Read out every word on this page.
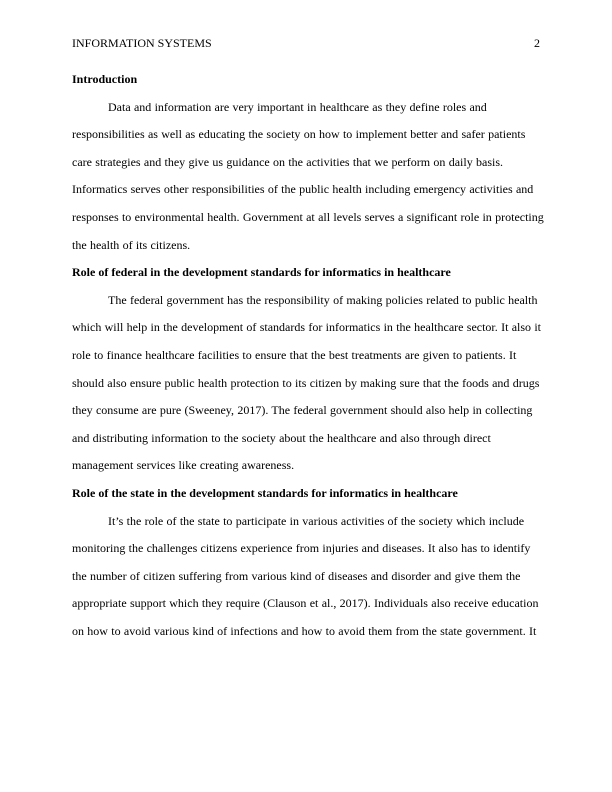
INFORMATION SYSTEMS	2

Introduction

Data and information are very important in healthcare as they define roles and
responsibilities as well as educating the society on how to implement better and safer patients
care strategies and they give us guidance on the activities that we perform on daily basis.
Informatics serves other responsibilities of the public health including emergency activities and
responses to environmental health. Government at all levels serves a significant role in protecting
the health of its citizens.

Role of federal in the development standards for informatics in healthcare

The federal government has the responsibility of making policies related to public health
which will help in the development of standards for informatics in the healthcare sector. It also it
role to finance healthcare facilities to ensure that the best treatments are given to patients. It
should also ensure public health protection to its citizen by making sure that the foods and drugs
they consume are pure (Sweeney, 2017). The federal government should also help in collecting
and distributing information to the society about the healthcare and also through direct
management services like creating awareness.

Role of the state in the development standards for informatics in healthcare

It’s the role of the state to participate in various activities of the society which include
monitoring the challenges citizens experience from injuries and diseases. It also has to identify
the number of citizen suffering from various kind of diseases and disorder and give them the
appropriate support which they require (Clauson et al., 2017). Individuals also receive education
on how to avoid various kind of infections and how to avoid them from the state government. It
